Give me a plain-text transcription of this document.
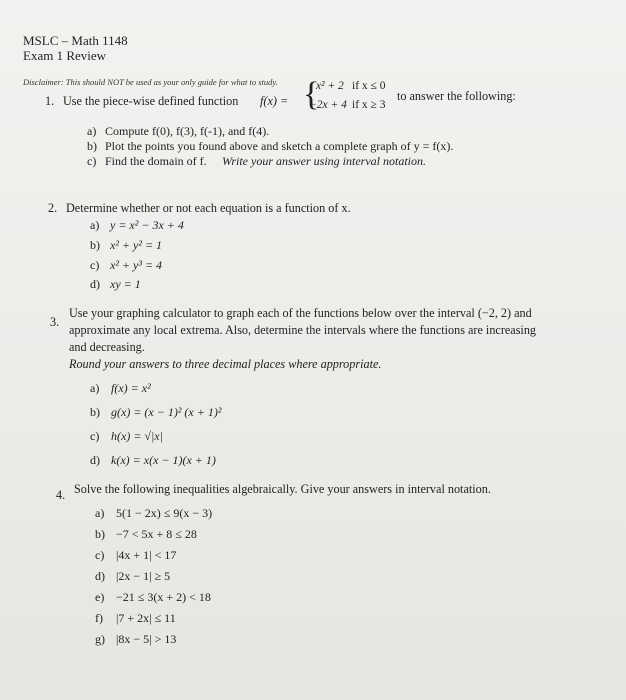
MSLC – Math 1148
Exam 1 Review
Disclaimer: This should NOT be used as your only guide for what to study.
1. Use the piece-wise defined function f(x) = {
x² + 2 if x ≤ 0
−2x + 4 if x ≥ 3
to answer the following:
a) Compute f(0), f(3), f(-1), and f(4).
b) Plot the points you found above and sketch a complete graph of y = f(x).
c) Find the domain of f. Write your answer using interval notation.
2. Determine whether or not each equation is a function of x.
a) y = x² − 3x + 4
b) x² + y² = 1
c) x² + y³ = 4
d) xy = 1
3.
Use your graphing calculator to graph each of the functions below over the interval (−2, 2) and
approximate any local extrema. Also, determine the intervals where the functions are increasing
and decreasing.
Round your answers to three decimal places where appropriate.
a) f(x) = x²
b) g(x) = (x − 1)² (x + 1)²
c) h(x) = √|x|
d) k(x) = x(x − 1)(x + 1)
4. Solve the following inequalities algebraically. Give your answers in interval notation.
a) 5(1 − 2x) ≤ 9(x − 3)
b) −7 < 5x + 8 ≤ 28
c) |4x + 1| < 17
d) |2x − 1| ≥ 5
e) −21 ≤ 3(x + 2) < 18
f) |7 + 2x| ≤ 11
g) |8x − 5| > 13
